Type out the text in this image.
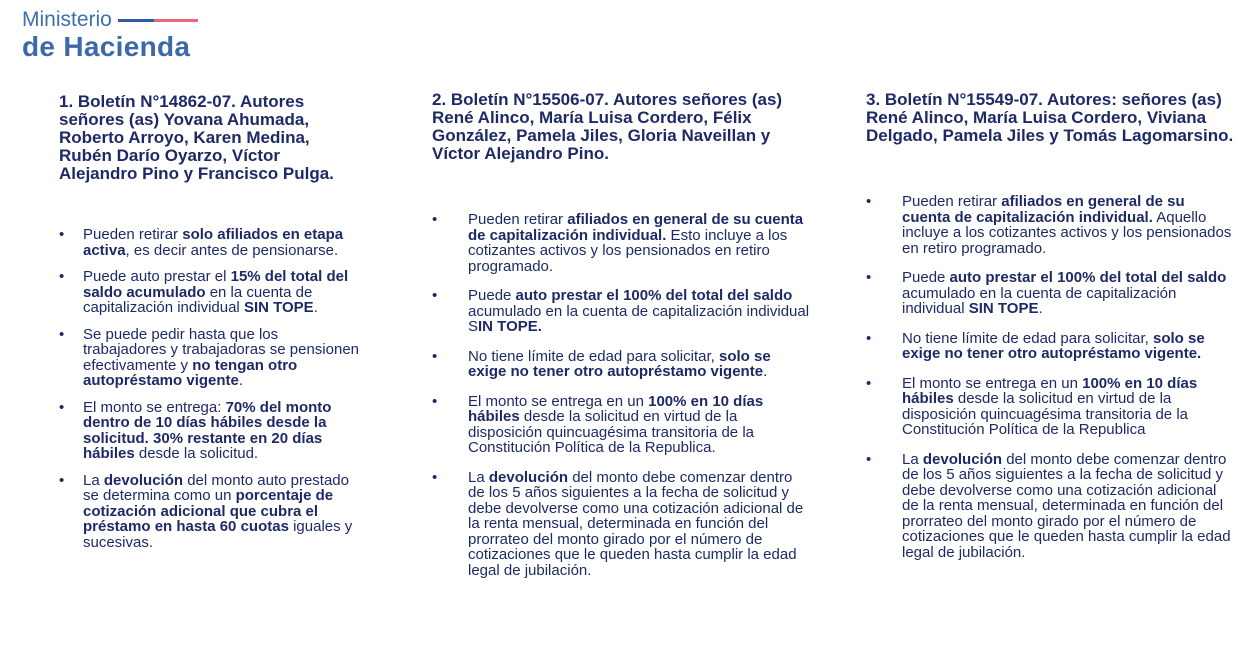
Ministerio
de Hacienda
1. Boletín N°14862-07. Autores señores (as) Yovana Ahumada, Roberto Arroyo, Karen Medina, Rubén Darío Oyarzo, Víctor Alejandro Pino y Francisco Pulga.
• Pueden retirar solo afiliados en etapa activa, es decir antes de pensionarse.
• Puede auto prestar el 15% del total del saldo acumulado en la cuenta de capitalización individual SIN TOPE.
• Se puede pedir hasta que los trabajadores y trabajadoras se pensionen efectivamente y no tengan otro autopréstamo vigente.
• El monto se entrega: 70% del monto dentro de 10 días hábiles desde la solicitud. 30% restante en 20 días hábiles desde la solicitud.
• La devolución del monto auto prestado se determina como un porcentaje de cotización adicional que cubra el préstamo en hasta 60 cuotas iguales y sucesivas.
2. Boletín N°15506-07. Autores señores (as) René Alinco, María Luisa Cordero, Félix González, Pamela Jiles, Gloria Naveillan y Víctor Alejandro Pino.
• Pueden retirar afiliados en general de su cuenta de capitalización individual. Esto incluye a los cotizantes activos y los pensionados en retiro programado.
• Puede auto prestar el 100% del total del saldo acumulado en la cuenta de capitalización individual SIN TOPE.
• No tiene límite de edad para solicitar, solo se exige no tener otro autopréstamo vigente.
• El monto se entrega en un 100% en 10 días hábiles desde la solicitud en virtud de la disposición quincuagésima transitoria de la Constitución Política de la Republica.
• La devolución del monto debe comenzar dentro de los 5 años siguientes a la fecha de solicitud y debe devolverse como una cotización adicional de la renta mensual, determinada en función del prorrateo del monto girado por el número de cotizaciones que le queden hasta cumplir la edad legal de jubilación.
3. Boletín N°15549-07. Autores: señores (as) René Alinco, María Luisa Cordero, Viviana Delgado, Pamela Jiles y Tomás Lagomarsino.
• Pueden retirar afiliados en general de su cuenta de capitalización individual. Aquello incluye a los cotizantes activos y los pensionados en retiro programado.
• Puede auto prestar el 100% del total del saldo acumulado en la cuenta de capitalización individual SIN TOPE.
• No tiene límite de edad para solicitar, solo se exige no tener otro autopréstamo vigente.
• El monto se entrega en un 100% en 10 días hábiles desde la solicitud en virtud de la disposición quincuagésima transitoria de la Constitución Política de la Republica
• La devolución del monto debe comenzar dentro de los 5 años siguientes a la fecha de solicitud y debe devolverse como una cotización adicional de la renta mensual, determinada en función del prorrateo del monto girado por el número de cotizaciones que le queden hasta cumplir la edad legal de jubilación.
